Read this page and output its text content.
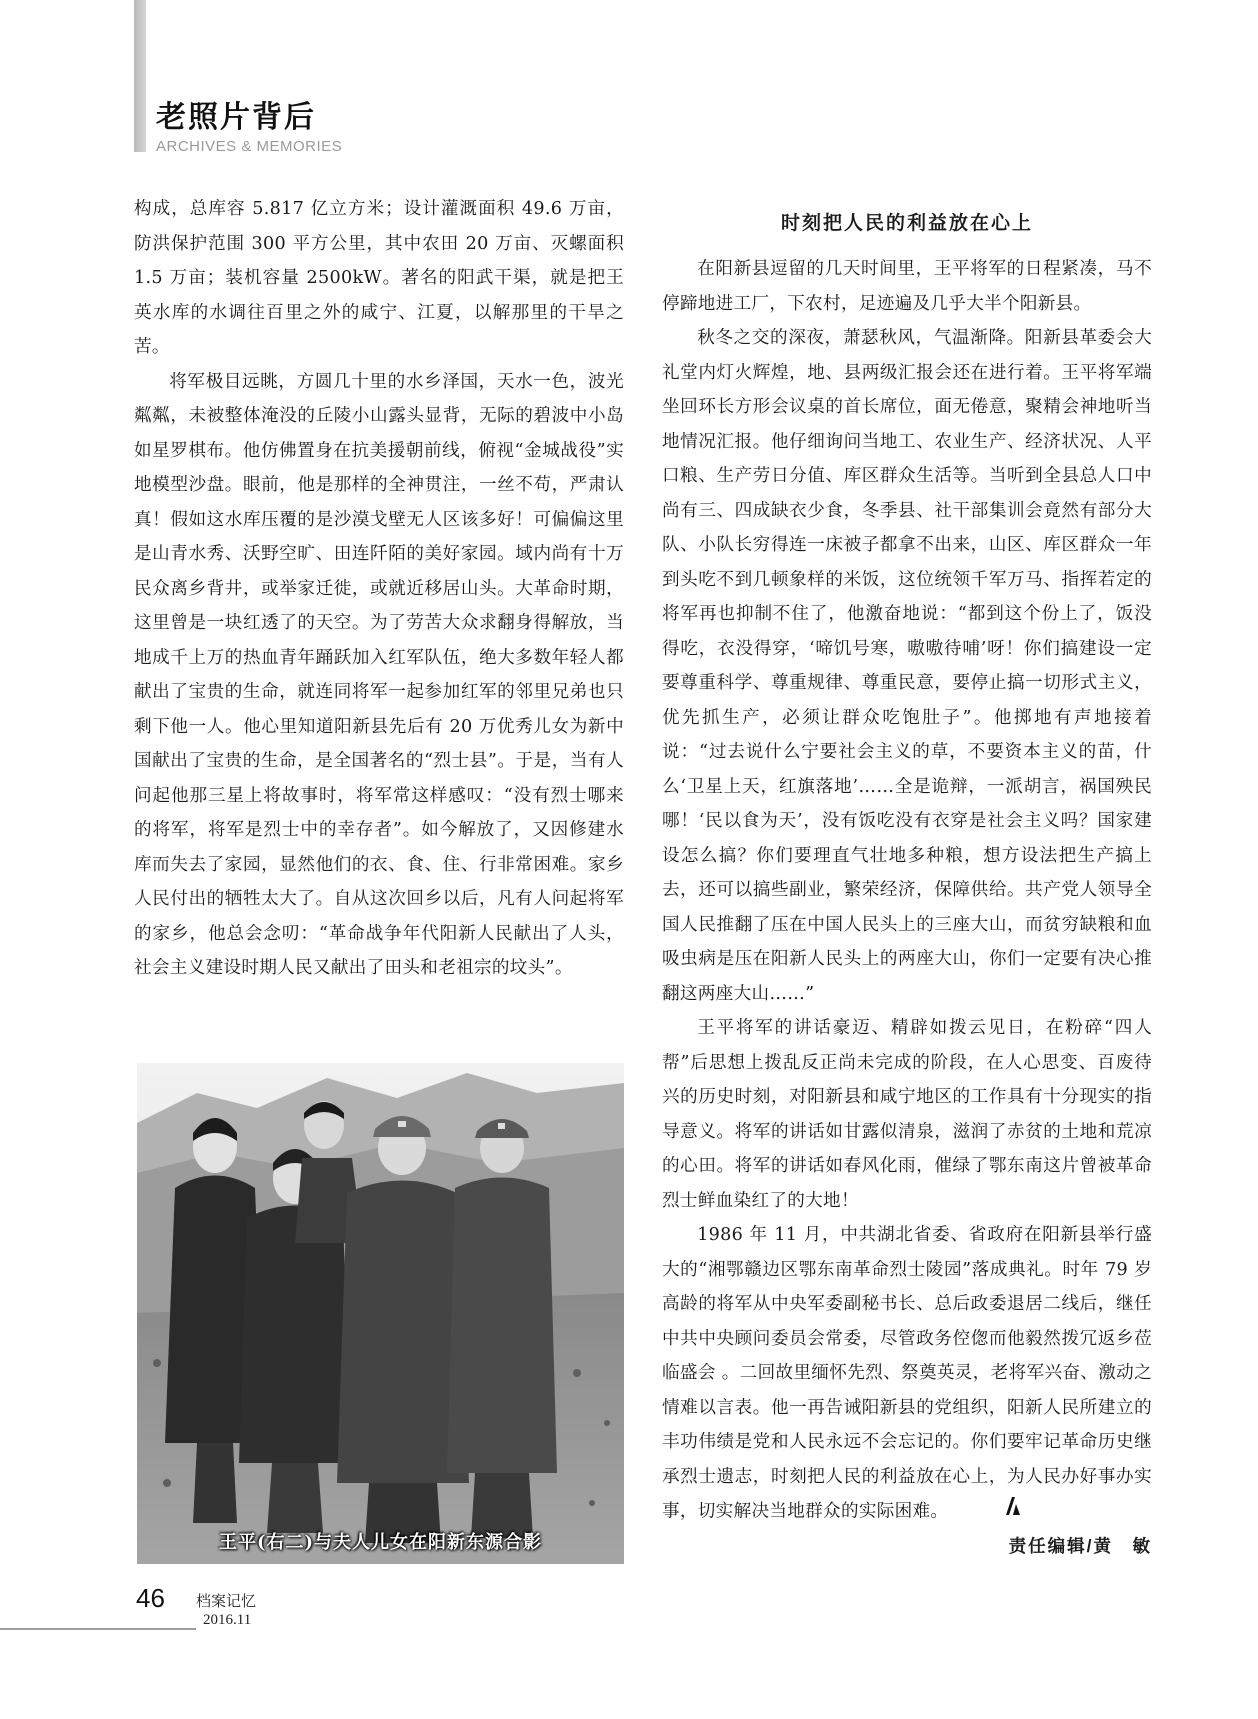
老照片背后
ARCHIVES & MEMORIES

构成，总库容 5.817 亿立方米；设计灌溉面积 49.6 万亩，防洪保护范围 300 平方公里，其中农田 20 万亩、灭螺面积 1.5 万亩；装机容量 2500kW。著名的阳武干渠，就是把王英水库的水调往百里之外的咸宁、江夏，以解那里的干旱之苦。

将军极目远眺，方圆几十里的水乡泽国，天水一色，波光粼粼，未被整体淹没的丘陵小山露头显背，无际的碧波中小岛如星罗棋布。他仿佛置身在抗美援朝前线，俯视“金城战役”实地模型沙盘。眼前，他是那样的全神贯注，一丝不苟，严肃认真！假如这水库压覆的是沙漠戈壁无人区该多好！可偏偏这里是山青水秀、沃野空旷、田连阡陌的美好家园。域内尚有十万民众离乡背井，或举家迁徙，或就近移居山头。大革命时期，这里曾是一块红透了的天空。为了劳苦大众求翻身得解放，当地成千上万的热血青年踊跃加入红军队伍，绝大多数年轻人都献出了宝贵的生命，就连同将军一起参加红军的邻里兄弟也只剩下他一人。他心里知道阳新县先后有 20 万优秀儿女为新中国献出了宝贵的生命，是全国著名的“烈士县”。于是，当有人问起他那三星上将故事时，将军常这样感叹：“没有烈士哪来的将军，将军是烈士中的幸存者”。如今解放了，又因修建水库而失去了家园，显然他们的衣、食、住、行非常困难。家乡人民付出的牺牲太大了。自从这次回乡以后，凡有人问起将军的家乡，他总会念叨：“革命战争年代阳新人民献出了人头，社会主义建设时期人民又献出了田头和老祖宗的坟头”。

王平(右二)与夫人儿女在阳新东源合影
时刻把人民的利益放在心上

在阳新县逗留的几天时间里，王平将军的日程紧凑，马不停蹄地进工厂，下农村，足迹遍及几乎大半个阳新县。

秋冬之交的深夜，萧瑟秋风，气温渐降。阳新县革委会大礼堂内灯火辉煌，地、县两级汇报会还在进行着。王平将军端坐回环长方形会议桌的首长席位，面无倦意，聚精会神地听当地情况汇报。他仔细询问当地工、农业生产、经济状况、人平口粮、生产劳日分值、库区群众生活等。当听到全县总人口中尚有三、四成缺衣少食，冬季县、社干部集训会竟然有部分大队、小队长穷得连一床被子都拿不出来，山区、库区群众一年到头吃不到几顿象样的米饭，这位统领千军万马、指挥若定的将军再也抑制不住了，他激奋地说：“都到这个份上了，饭没得吃，衣没得穿，‘啼饥号寒，嗷嗷待哺’呀！你们搞建设一定要尊重科学、尊重规律、尊重民意，要停止搞一切形式主义，优先抓生产，必须让群众吃饱肚子”。他掷地有声地接着说：“过去说什么宁要社会主义的草，不要资本主义的苗，什么‘卫星上天，红旗落地’……全是诡辩，一派胡言，祸国殃民哪！‘民以食为天’，没有饭吃没有衣穿是社会主义吗？国家建设怎么搞？你们要理直气壮地多种粮，想方设法把生产搞上去，还可以搞些副业，繁荣经济，保障供给。共产党人领导全国人民推翻了压在中国人民头上的三座大山，而贫穷缺粮和血吸虫病是压在阳新人民头上的两座大山，你们一定要有决心推翻这两座大山……”

王平将军的讲话豪迈、精辟如拨云见日，在粉碎“四人帮”后思想上拨乱反正尚未完成的阶段，在人心思变、百废待兴的历史时刻，对阳新县和咸宁地区的工作具有十分现实的指导意义。将军的讲话如甘露似清泉，滋润了赤贫的土地和荒凉的心田。将军的讲话如春风化雨，催绿了鄂东南这片曾被革命烈士鲜血染红了的大地！

1986 年 11 月，中共湖北省委、省政府在阳新县举行盛大的“湘鄂赣边区鄂东南革命烈士陵园”落成典礼。时年 79 岁高龄的将军从中央军委副秘书长、总后政委退居二线后，继任中共中央顾问委员会常委，尽管政务倥偬而他毅然拨冗返乡莅临盛会 。二回故里缅怀先烈、祭奠英灵，老将军兴奋、激动之情难以言表。他一再告诫阳新县的党组织，阳新人民所建立的丰功伟绩是党和人民永远不会忘记的。你们要牢记革命历史继承烈士遗志，时刻把人民的利益放在心上，为人民办好事办实事，切实解决当地群众的实际困难。
责任编辑/黄　敏

46 档案记忆
2016.11
